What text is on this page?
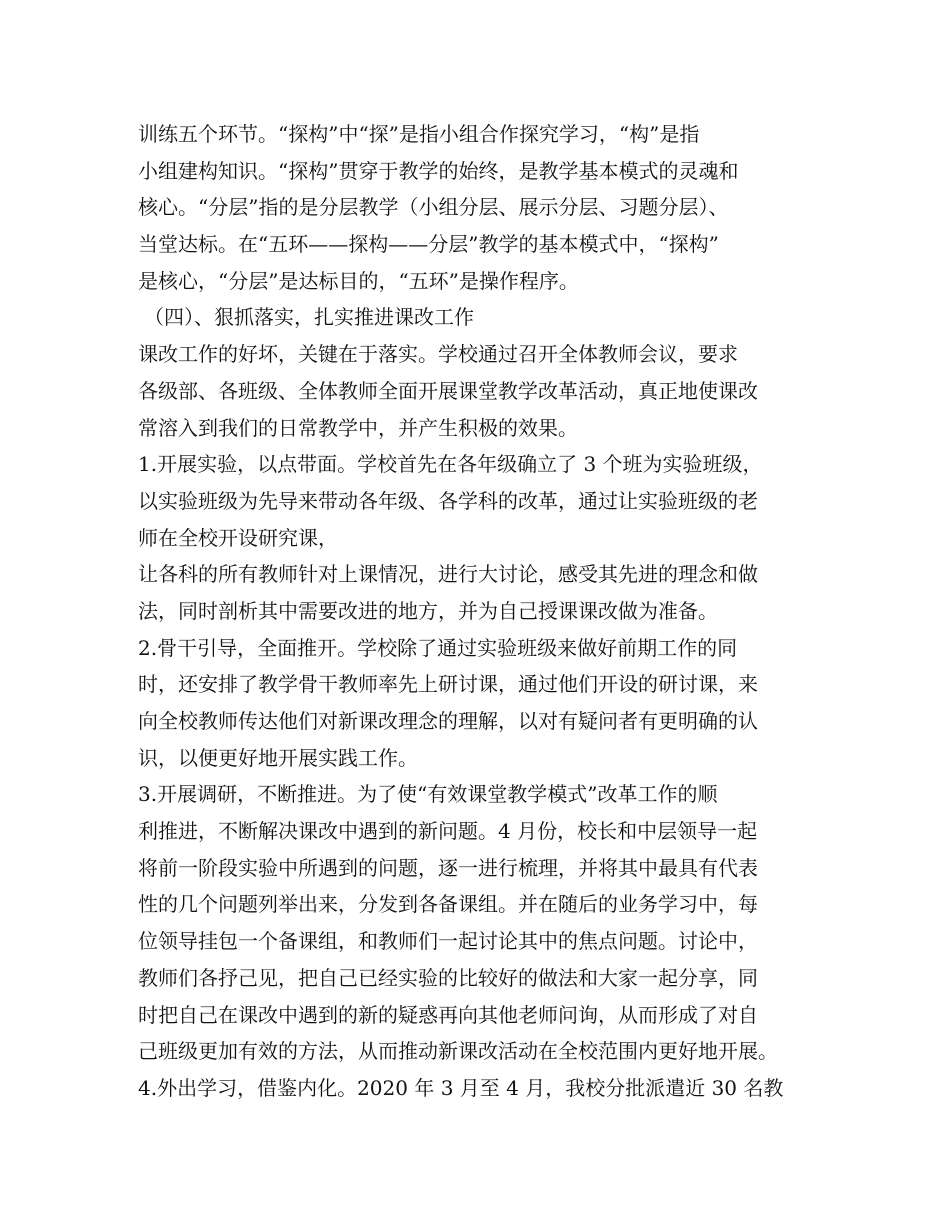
训练五个环节。“探构”中“探”是指小组合作探究学习，“构”是指
小组建构知识。“探构”贯穿于教学的始终，是教学基本模式的灵魂和
核心。“分层”指的是分层教学（小组分层、展示分层、习题分层）、
当堂达标。在“五环——探构——分层”教学的基本模式中，“探构”
是核心，“分层”是达标目的，“五环”是操作程序。
（四）、狠抓落实，扎实推进课改工作
课改工作的好坏，关键在于落实。学校通过召开全体教师会议，要求
各级部、各班级、全体教师全面开展课堂教学改革活动，真正地使课改
常溶入到我们的日常教学中，并产生积极的效果。
1.开展实验，以点带面。学校首先在各年级确立了 3 个班为实验班级，
以实验班级为先导来带动各年级、各学科的改革，通过让实验班级的老
师在全校开设研究课，
让各科的所有教师针对上课情况，进行大讨论，感受其先进的理念和做
法，同时剖析其中需要改进的地方，并为自己授课课改做为准备。
2.骨干引导，全面推开。学校除了通过实验班级来做好前期工作的同
时，还安排了教学骨干教师率先上研讨课，通过他们开设的研讨课，来
向全校教师传达他们对新课改理念的理解，以对有疑问者有更明确的认
识，以便更好地开展实践工作。
3.开展调研，不断推进。为了使“有效课堂教学模式”改革工作的顺
利推进，不断解决课改中遇到的新问题。4 月份，校长和中层领导一起
将前一阶段实验中所遇到的问题，逐一进行梳理，并将其中最具有代表
性的几个问题列举出来，分发到各备课组。并在随后的业务学习中，每
位领导挂包一个备课组，和教师们一起讨论其中的焦点问题。讨论中，
教师们各抒己见，把自己已经实验的比较好的做法和大家一起分享，同
时把自己在课改中遇到的新的疑惑再向其他老师问询，从而形成了对自
己班级更加有效的方法，从而推动新课改活动在全校范围内更好地开展。
4.外出学习，借鉴内化。2020 年 3 月至 4 月，我校分批派遣近 30 名教
